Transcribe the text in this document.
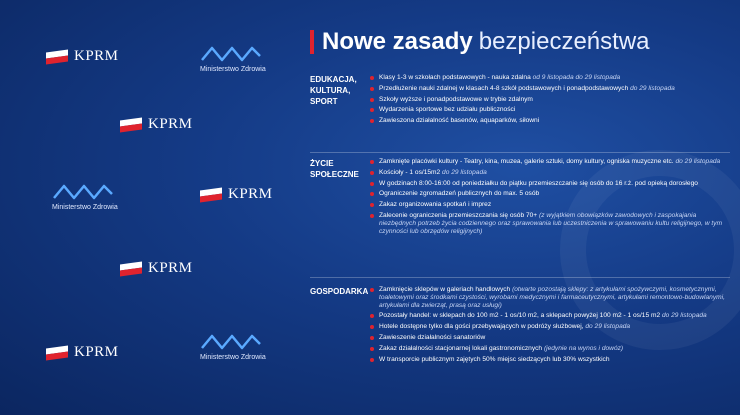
KPRM
KPRM
KPRM
KPRM
KPRM
Ministerstwo Zdrowia
Ministerstwo Zdrowia
Ministerstwo Zdrowia
Nowe zasady bezpieczeństwa
EDUKACJA,
KULTURA,
SPORT
Klasy 1-3 w szkołach podstawowych - nauka zdalna od 9 listopada do 29 listopada
Przedłużenie nauki zdalnej w klasach 4-8 szkół podstawowych i ponadpodstawowych do 29 listopada
Szkoły wyższe i ponadpodstawowe w trybie zdalnym
Wydarzenia sportowe bez udziału publiczności
Zawieszona działalność basenów, aquaparków, siłowni
ŻYCIE
SPOŁECZNE
Zamknięte placówki kultury - Teatry, kina, muzea, galerie sztuki, domy kultury, ogniska muzyczne etc. do 29 listopada
Kościoły - 1 os/15m2 do 29 listopada
W godzinach 8:00-16:00 od poniedziałku do piątku przemieszczanie się osób do 16 r.ż. pod opieką dorosłego
Ograniczenie zgromadzeń publicznych do max. 5 osób
Zakaz organizowania spotkań i imprez
Zalecenie ograniczenia przemieszczania się osób 70+ (z wyjątkiem obowiązków zawodowych i zaspokajania niezbędnych potrzeb życia codziennego oraz sprawowania lub uczestniczenia w sprawowaniu kultu religijnego, w tym czynności lub obrzędów religijnych)
GOSPODARKA	Zamknięcie sklepów w galeriach handlowych (otwarte pozostają sklepy: z artykułami spożywczymi, kosmetycznymi, toaletowymi oraz środkami czystości, wyrobami medycznymi i farmaceutycznymi, artykułami remontowo-budowlanymi, artykułami dla zwierząt, prasą oraz usługi)
Pozostały handel: w sklepach do 100 m2 - 1 os/10 m2, a sklepach powyżej 100 m2 - 1 os/15 m2 do 29 listopada
Hotele dostępne tylko dla gości przebywających w podróży służbowej, do 29 listopada
Zawieszenie działalności sanatoriów
Zakaz działalności stacjonarnej lokali gastronomicznych (jedynie na wynos i dowóz)
W transporcie publicznym zajętych 50% miejsc siedzących lub 30% wszystkich
